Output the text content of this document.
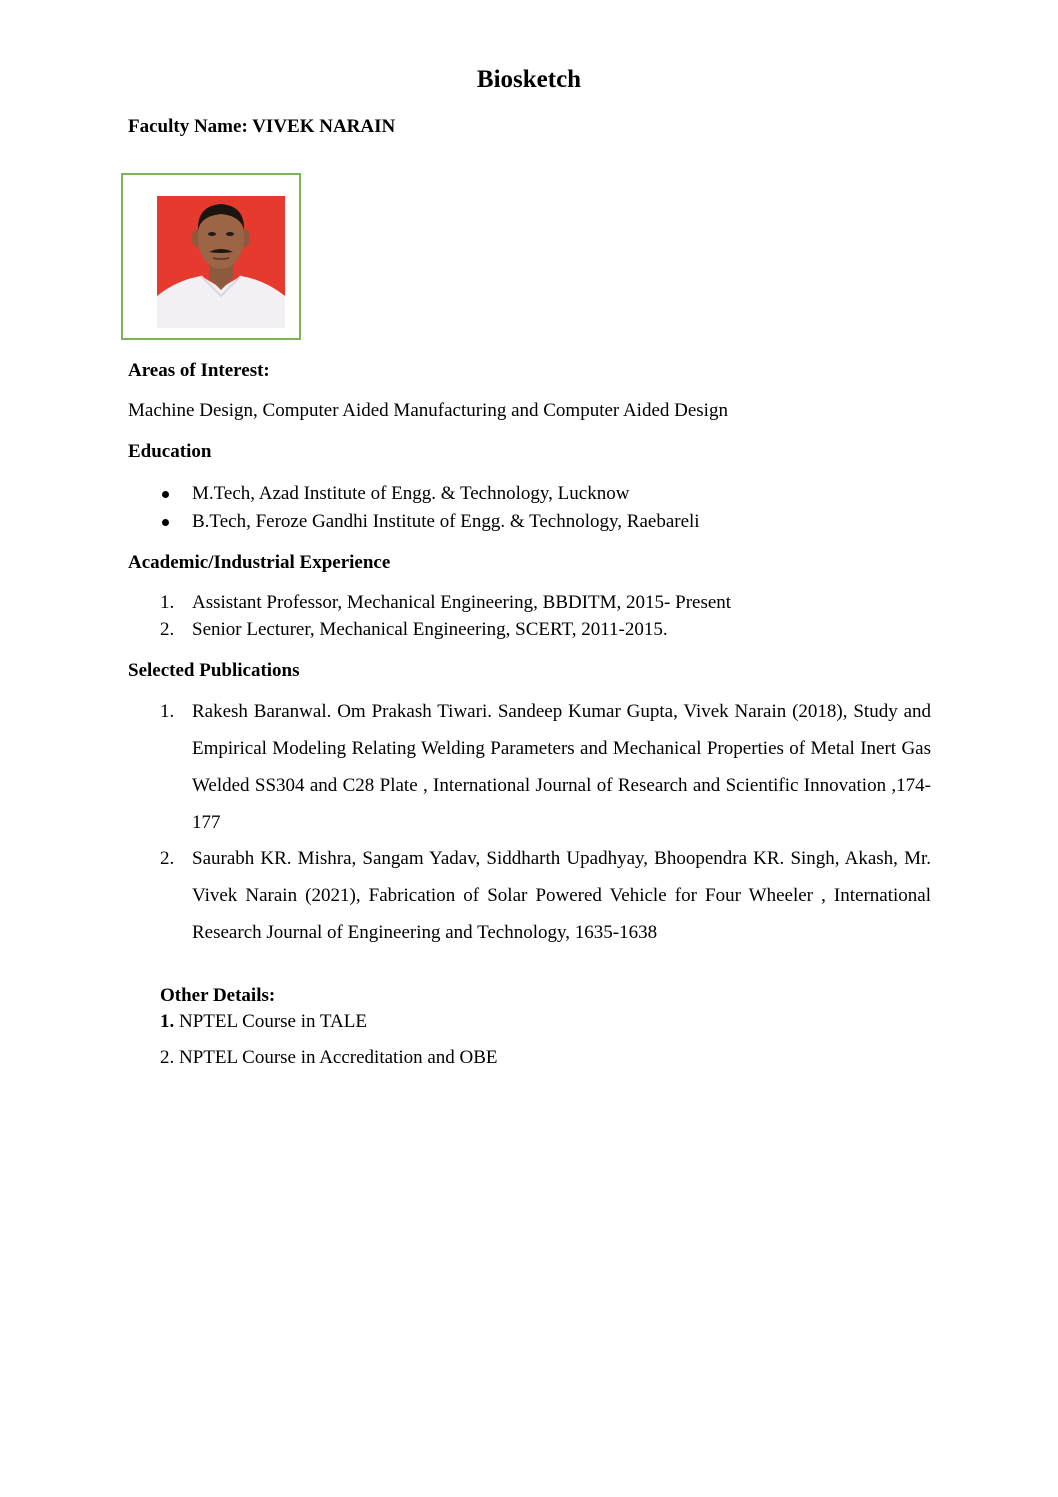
Biosketch
Faculty Name: VIVEK NARAIN
Areas of Interest:
Machine Design, Computer Aided Manufacturing and Computer Aided Design
Education
M.Tech, Azad Institute of Engg. & Technology, Lucknow
B.Tech, Feroze Gandhi Institute of Engg. & Technology, Raebareli
Academic/Industrial Experience
1. Assistant Professor, Mechanical Engineering, BBDITM, 2015- Present
2. Senior Lecturer, Mechanical Engineering, SCERT, 2011-2015.
Selected Publications
1. Rakesh Baranwal. Om Prakash Tiwari. Sandeep Kumar Gupta, Vivek Narain (2018), Study and Empirical Modeling Relating Welding Parameters and Mechanical Properties of Metal Inert Gas Welded SS304 and C28 Plate , International Journal of Research and Scientific Innovation ,174-177

2. Saurabh KR. Mishra, Sangam Yadav, Siddharth Upadhyay, Bhoopendra KR. Singh, Akash, Mr. Vivek Narain (2021), Fabrication of Solar Powered Vehicle for Four Wheeler , International Research Journal of Engineering and Technology, 1635-1638

Other Details:
1. NPTEL Course in TALE
2. NPTEL Course in Accreditation and OBE
